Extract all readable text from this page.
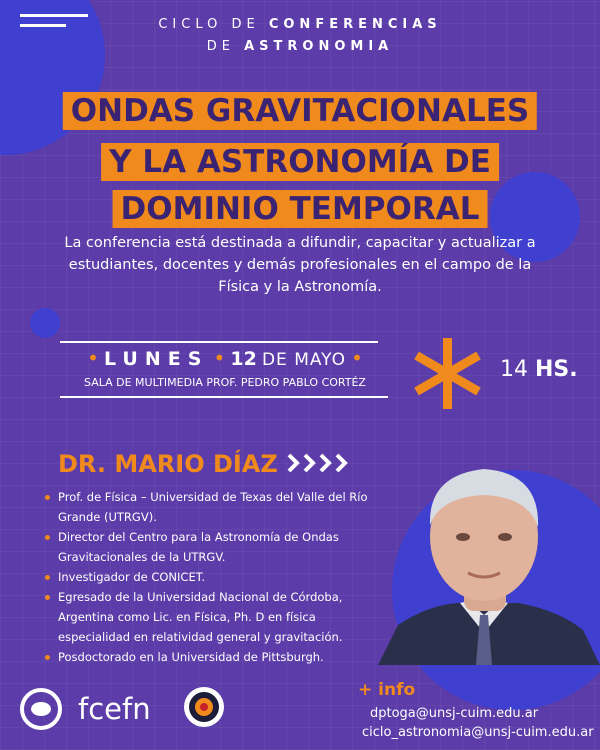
CICLO DE CONFERENCIAS
DE ASTRONOMIA
ONDAS GRAVITACIONALES
Y LA ASTRONOMÍA DE
DOMINIO TEMPORAL
La conferencia está destinada a difundir, capacitar y actualizar a estudiantes, docentes y demás profesionales en el campo de la Física y la Astronomía.
• LUNES • 12 DE MAYO •
SALA DE MULTIMEDIA PROF. PEDRO PABLO CORTÉZ
14 HS.
DR. MARIO DÍAZ
Prof. de Física – Universidad de Texas del Valle del Río Grande (UTRGV).
Director del Centro para la Astronomía de Ondas Gravitacionales de la UTRGV.
Investigador de CONICET.
Egresado de la Universidad Nacional de Córdoba, Argentina como Lic. en Física, Ph. D en física especialidad en relatividad general y gravitación.
Posdoctorado en la Universidad de Pittsburgh.
fcefn
+ info
dptoga@unsj-cuim.edu.ar
ciclo_astronomia@unsj-cuim.edu.ar
